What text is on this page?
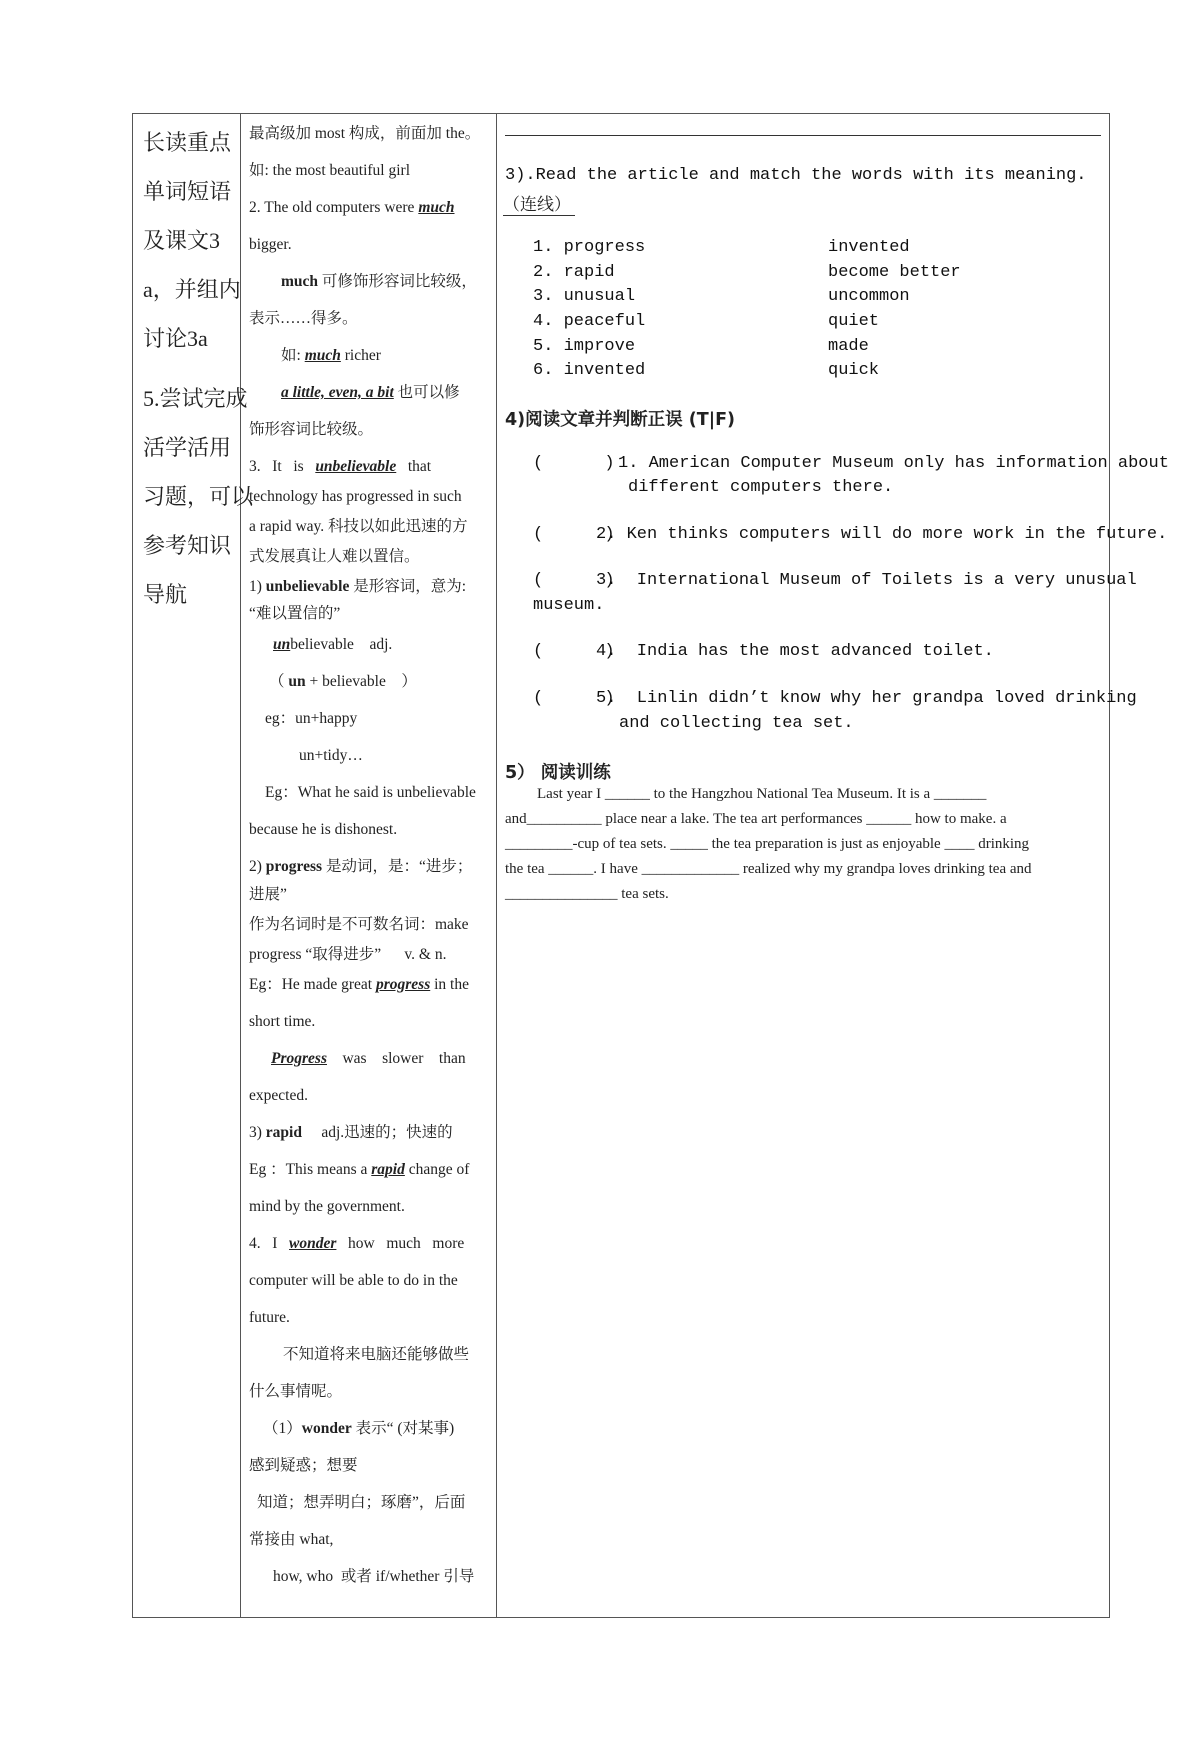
长读重点
单词短语
及课文3
a，并组内
讨论3a
5.尝试完成
活学活用
习题，可以
参考知识
导航
最高级加 most 构成，前面加 the。
如: the most beautiful girl
2. The old computers were much
bigger.
much 可修饰形容词比较级，
表示……得多。
如: much richer
a little, even, a bit 也可以修
饰形容词比较级。
3.   It   is   unbelievable   that
technology has progressed in such
a rapid way. 科技以如此迅速的方
式发展真让人难以置信。
1) unbelievable 是形容词，意为:
“难以置信的”
unbelievable    adj.
（ un + believable    ）
eg：un+happy
un+tidy…
Eg：What he said is unbelievable
because he is dishonest.
2) progress 是动词，是：“进步；
进展”
作为名词时是不可数名词：make
progress “取得进步”      v. & n.
Eg：He made great progress in the
short time.
Progress    was    slower    than
expected.
3) rapid     adj.迅速的；快速的
Eg ：This means a rapid change of
mind by the government.
4.   I   wonder   how   much   more
computer will be able to do in the
future.
不知道将来电脑还能够做些
什么事情呢。
（1）wonder 表示“ (对某事)
感到疑惑；想要
知道；想弄明白；琢磨”，后面
常接由 what,
how, who  或者 if/whether 引导
3).Read the article and match the words with its meaning.
（连线）
1. progress
2. rapid
3. unusual
4. peaceful
5. improve
6. invented
invented
become better
uncommon
quiet
made
quick
4)阅读文章并判断正误 (T|F)
(      ) 1. American Computer Museum only has information about
different computers there.
(      )
2. Ken thinks computers will do more work in the future.
(      )
3.  International Museum of Toilets is a very unusual
museum.
(      )
4.  India has the most advanced toilet.
(      )
5.  Linlin didn’t know why her grandpa loved drinking
and collecting tea set.
5） 阅读训练
Last year I ______ to the Hangzhou National Tea Museum. It is a _______
and__________ place near a lake. The tea art performances ______ how to make. a
_________-cup of tea sets. _____ the tea preparation is just as enjoyable ____ drinking
the tea ______. I have _____________ realized why my grandpa loves drinking tea and
_______________ tea sets.
